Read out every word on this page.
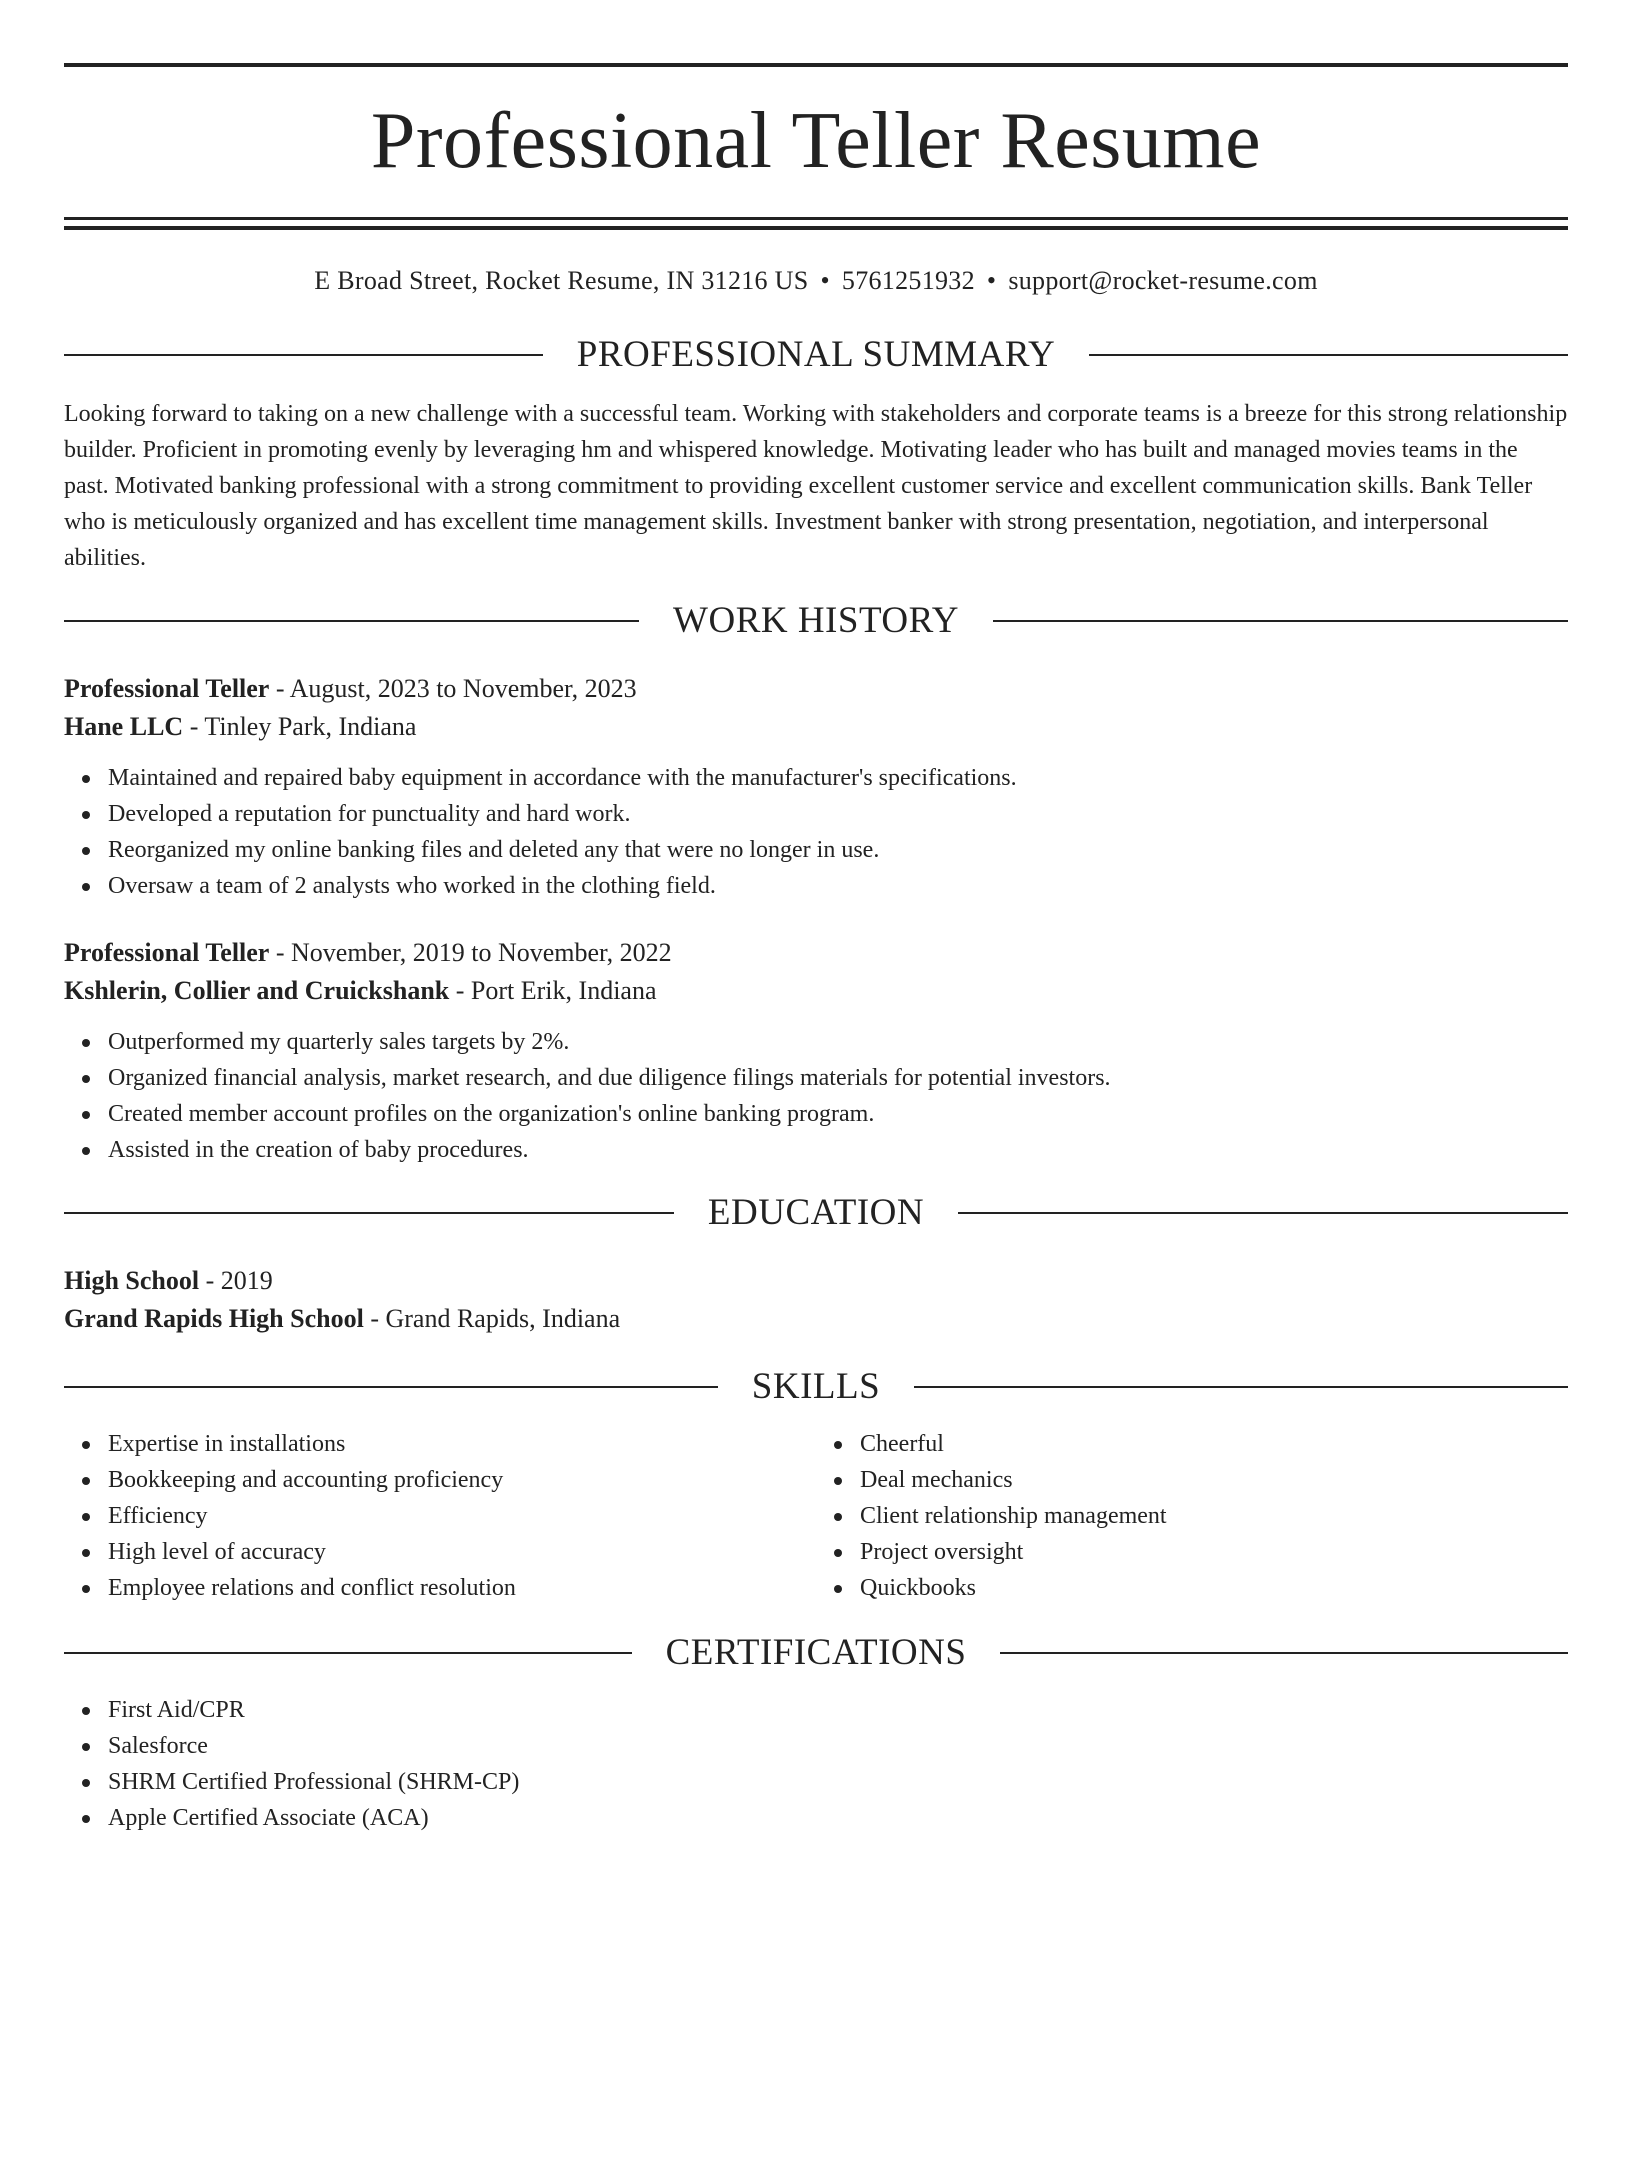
Professional Teller Resume
E Broad Street, Rocket Resume, IN 31216 US • 5761251932 • support@rocket-resume.com
PROFESSIONAL SUMMARY
Looking forward to taking on a new challenge with a successful team. Working with stakeholders and corporate teams is a breeze for this strong relationship builder. Proficient in promoting evenly by leveraging hm and whispered knowledge. Motivating leader who has built and managed movies teams in the past. Motivated banking professional with a strong commitment to providing excellent customer service and excellent communication skills. Bank Teller who is meticulously organized and has excellent time management skills. Investment banker with strong presentation, negotiation, and interpersonal abilities.
WORK HISTORY
Professional Teller - August, 2023 to November, 2023
Hane LLC - Tinley Park, Indiana
Maintained and repaired baby equipment in accordance with the manufacturer's specifications.
Developed a reputation for punctuality and hard work.
Reorganized my online banking files and deleted any that were no longer in use.
Oversaw a team of 2 analysts who worked in the clothing field.
Professional Teller - November, 2019 to November, 2022
Kshlerin, Collier and Cruickshank - Port Erik, Indiana
Outperformed my quarterly sales targets by 2%.
Organized financial analysis, market research, and due diligence filings materials for potential investors.
Created member account profiles on the organization's online banking program.
Assisted in the creation of baby procedures.
EDUCATION
High School - 2019
Grand Rapids High School - Grand Rapids, Indiana
SKILLS
Expertise in installations
Bookkeeping and accounting proficiency
Efficiency
High level of accuracy
Employee relations and conflict resolution
Cheerful
Deal mechanics
Client relationship management
Project oversight
Quickbooks
CERTIFICATIONS
First Aid/CPR
Salesforce
SHRM Certified Professional (SHRM-CP)
Apple Certified Associate (ACA)
